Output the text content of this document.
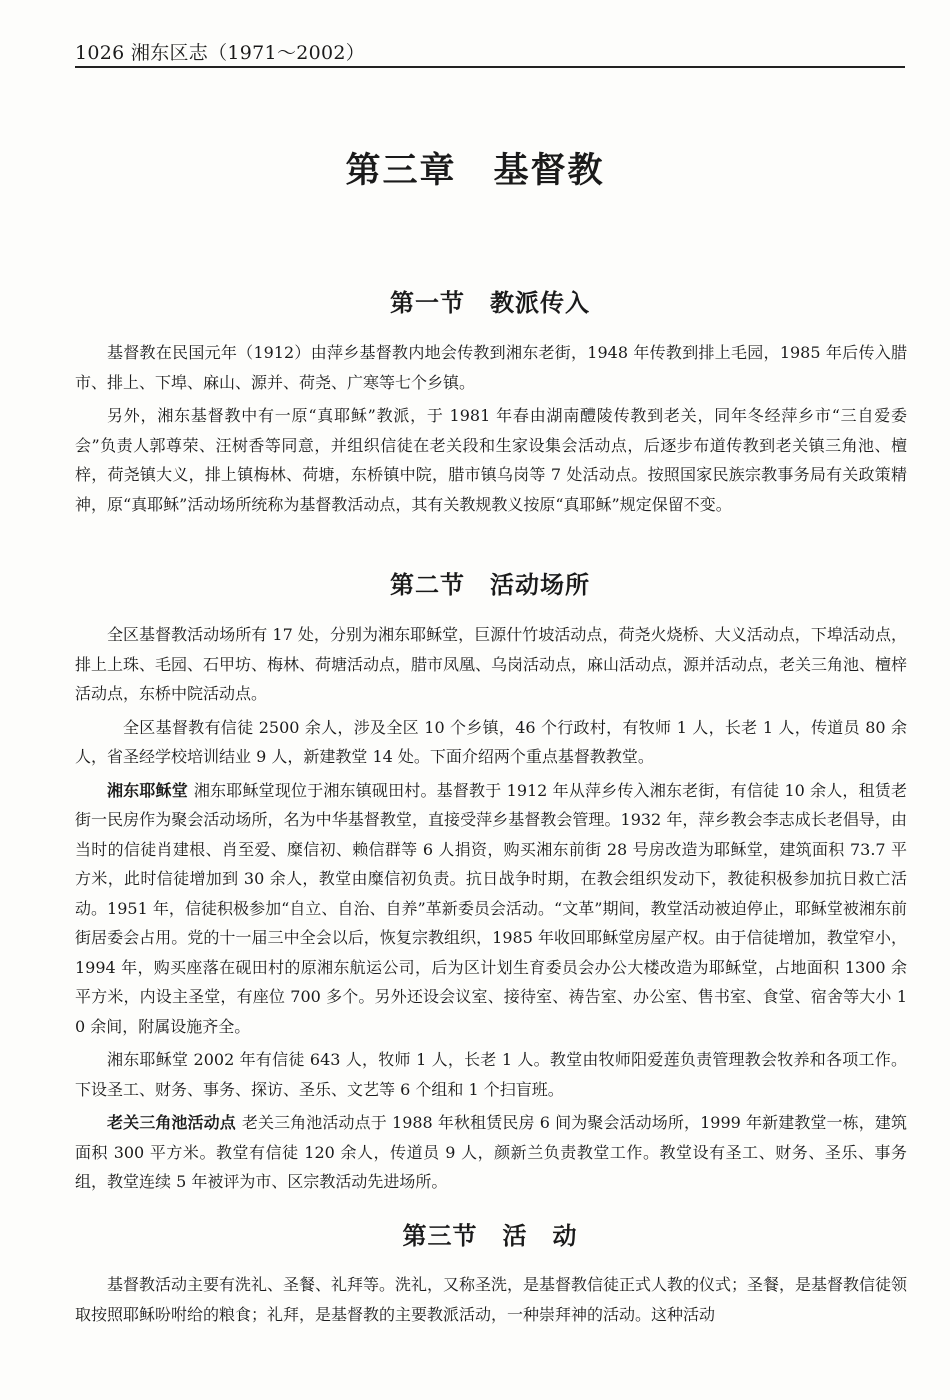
1026 湘东区志（1971～2002）
第三章　基督教
第一节　教派传入

基督教在民国元年（1912）由萍乡基督教内地会传教到湘东老街，1948 年传教到排上毛园，1985 年后传入腊市、排上、下埠、麻山、源并、荷尧、广寒等七个乡镇。

另外，湘东基督教中有一原“真耶稣”教派，于 1981 年春由湖南醴陵传教到老关，同年冬经萍乡市“三自爱委会”负责人郭尊荣、汪树香等同意，并组织信徒在老关段和生家设集会活动点，后逐步布道传教到老关镇三角池、檀梓，荷尧镇大义，排上镇梅林、荷塘，东桥镇中院，腊市镇乌岗等 7 处活动点。按照国家民族宗教事务局有关政策精神，原“真耶稣”活动场所统称为基督教活动点，其有关教规教义按原“真耶稣”规定保留不变。

第二节　活动场所

全区基督教活动场所有 17 处，分别为湘东耶稣堂，巨源什竹坡活动点，荷尧火烧桥、大义活动点，下埠活动点，排上上珠、毛园、石甲坊、梅林、荷塘活动点，腊市凤凰、乌岗活动点，麻山活动点，源并活动点，老关三角池、檀梓活动点，东桥中院活动点。

全区基督教有信徒 2500 余人，涉及全区 10 个乡镇，46 个行政村，有牧师 1 人，长老 1 人，传道员 80 余人，省圣经学校培训结业 9 人，新建教堂 14 处。下面介绍两个重点基督教教堂。

湘东耶稣堂 湘东耶稣堂现位于湘东镇砚田村。基督教于 1912 年从萍乡传入湘东老街，有信徒 10 余人，租赁老街一民房作为聚会活动场所，名为中华基督教堂，直接受萍乡基督教会管理。1932 年，萍乡教会李志成长老倡导，由当时的信徒肖建根、肖至爱、糜信初、赖信群等 6 人捐资，购买湘东前街 28 号房改造为耶稣堂，建筑面积 73.7 平方米，此时信徒增加到 30 余人，教堂由糜信初负责。抗日战争时期，在教会组织发动下，教徒积极参加抗日救亡活动。1951 年，信徒积极参加“自立、自治、自养”革新委员会活动。“文革”期间，教堂活动被迫停止，耶稣堂被湘东前街居委会占用。党的十一届三中全会以后，恢复宗教组织，1985 年收回耶稣堂房屋产权。由于信徒增加，教堂窄小，1994 年，购买座落在砚田村的原湘东航运公司，后为区计划生育委员会办公大楼改造为耶稣堂，占地面积 1300 余平方米，内设主圣堂，有座位 700 多个。另外还设会议室、接待室、祷告室、办公室、售书室、食堂、宿舍等大小 10 余间，附属设施齐全。

湘东耶稣堂 2002 年有信徒 643 人，牧师 1 人，长老 1 人。教堂由牧师阳爱莲负责管理教会牧养和各项工作。下设圣工、财务、事务、探访、圣乐、文艺等 6 个组和 1 个扫盲班。

老关三角池活动点 老关三角池活动点于 1988 年秋租赁民房 6 间为聚会活动场所，1999 年新建教堂一栋，建筑面积 300 平方米。教堂有信徒 120 余人，传道员 9 人，颜新兰负责教堂工作。教堂设有圣工、财务、圣乐、事务组，教堂连续 5 年被评为市、区宗教活动先进场所。

第三节　活　动

基督教活动主要有洗礼、圣餐、礼拜等。洗礼，又称圣洗，是基督教信徒正式人教的仪式；圣餐，是基督教信徒领取按照耶稣吩咐给的粮食；礼拜，是基督教的主要教派活动，一种崇拜神的活动。这种活动
